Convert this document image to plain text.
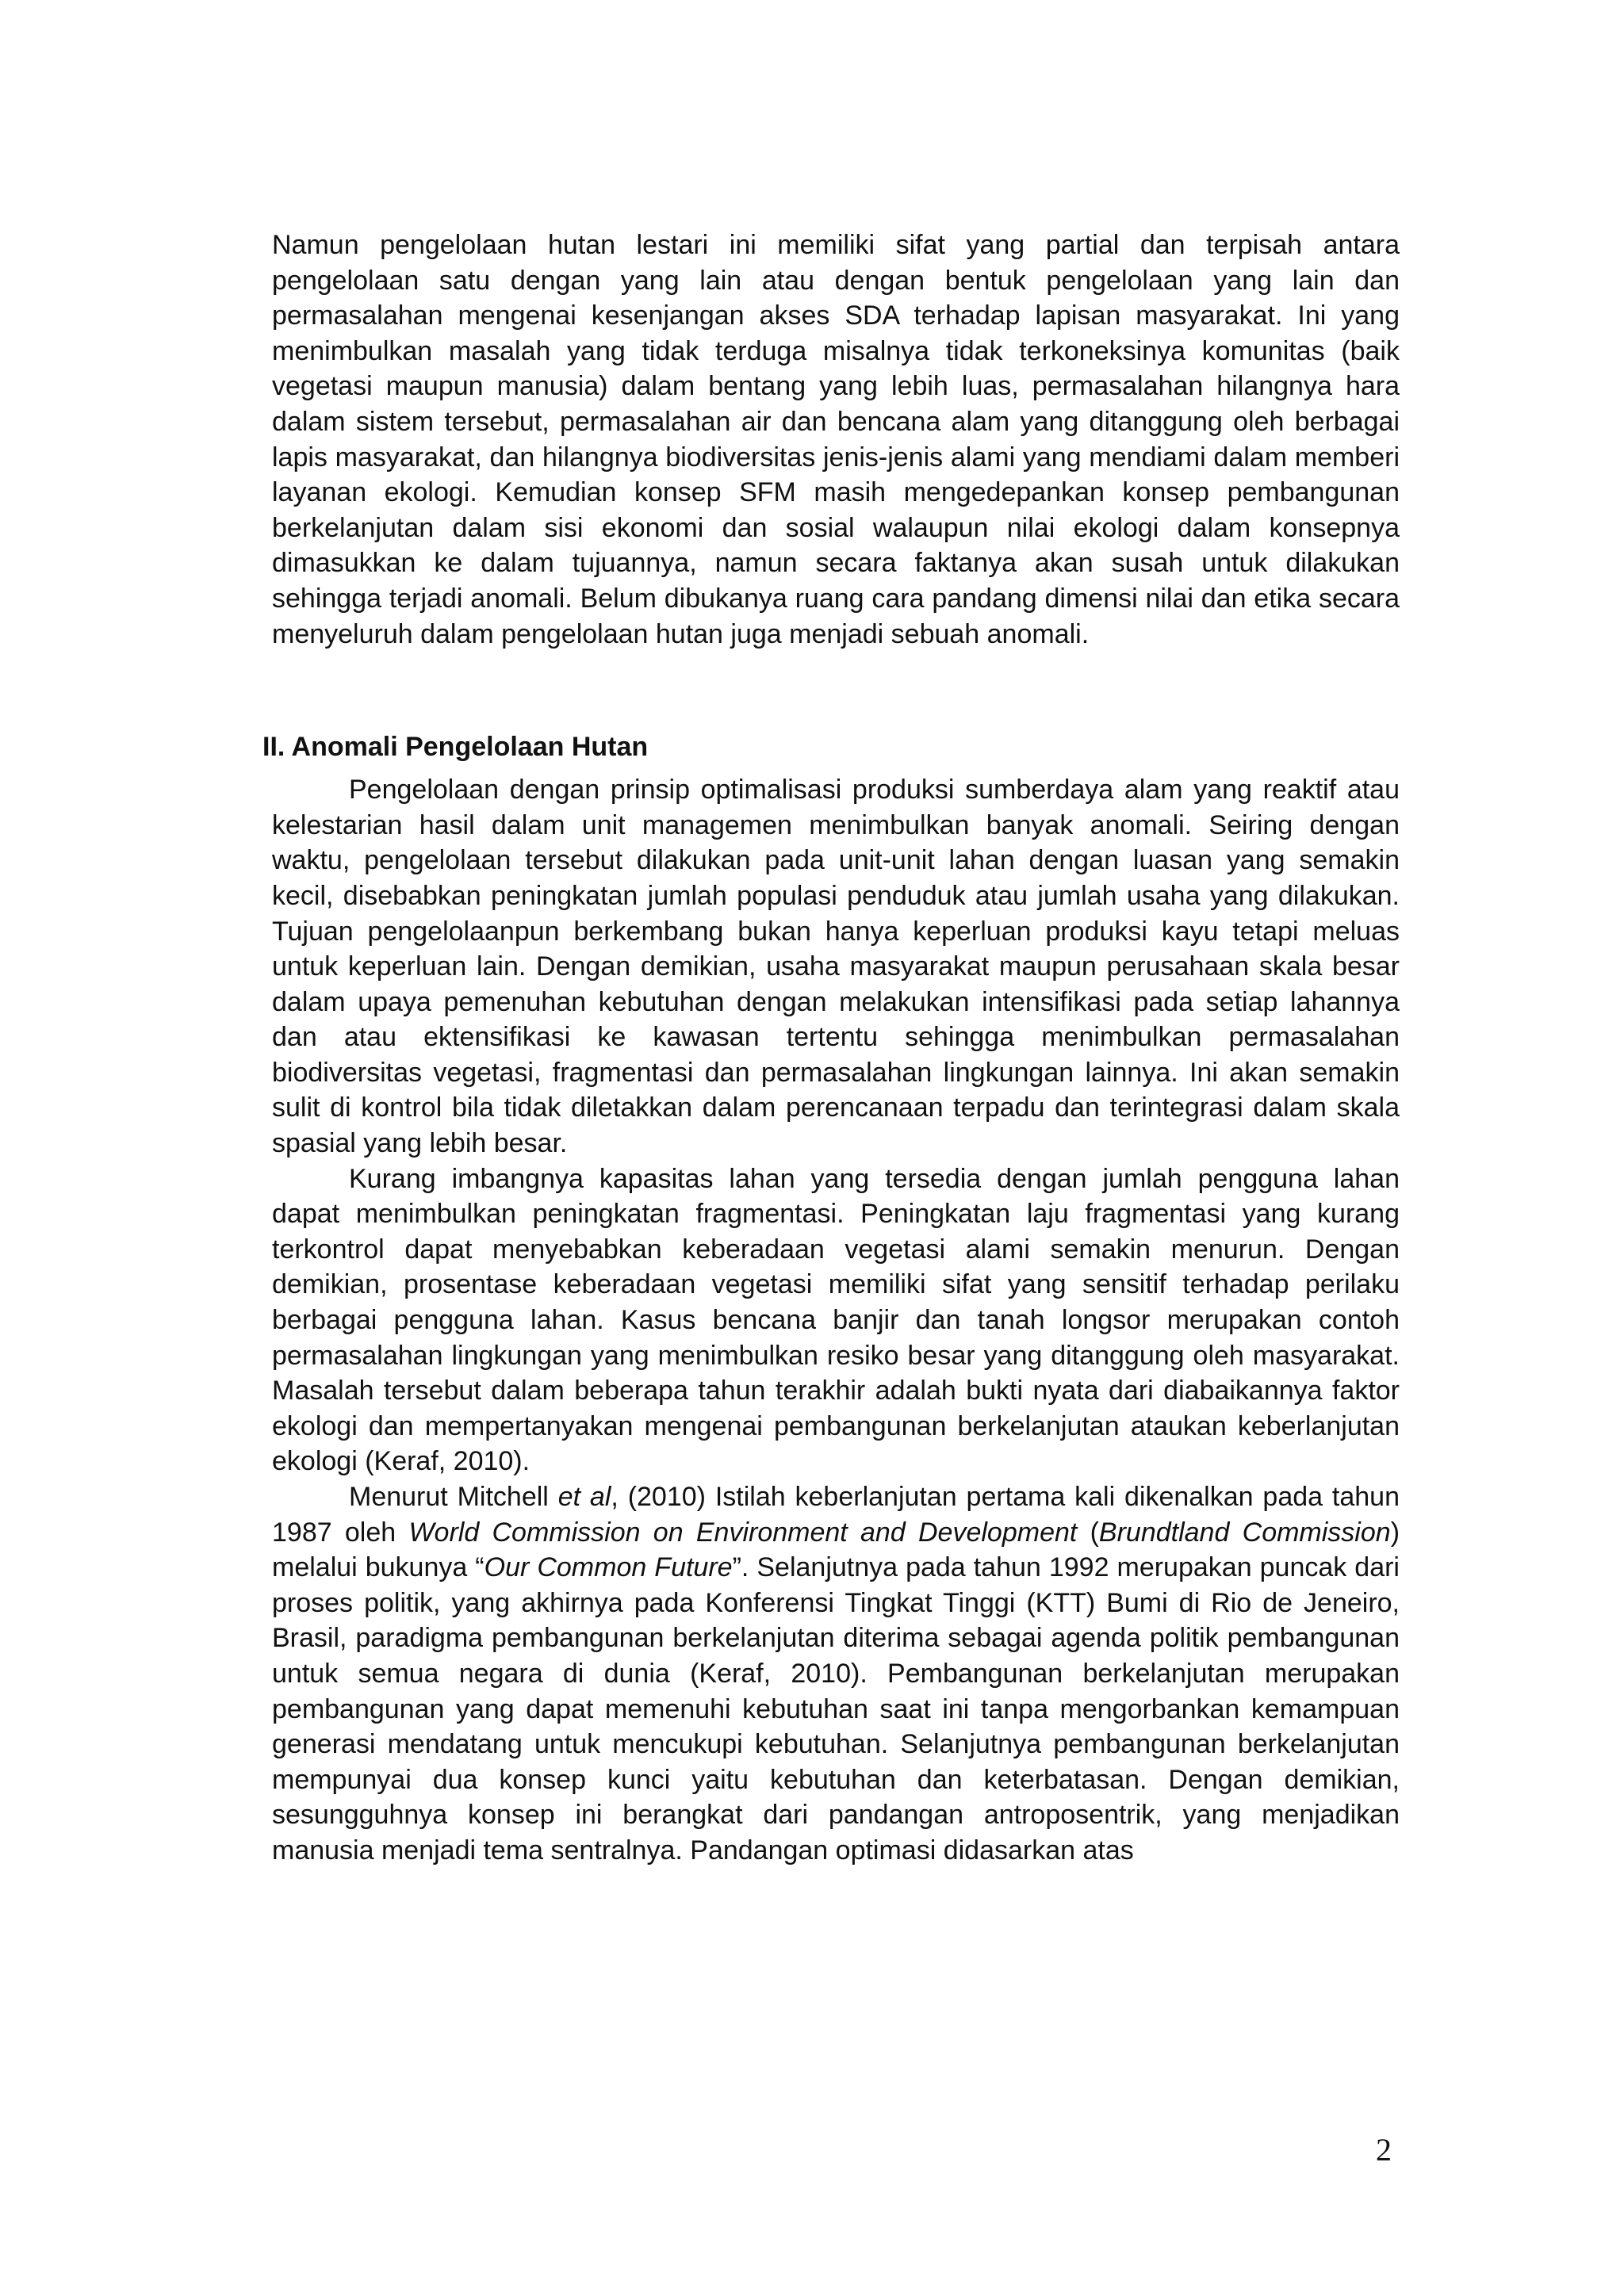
Namun pengelolaan hutan lestari ini memiliki sifat yang partial dan terpisah antara pengelolaan satu dengan yang lain atau dengan bentuk pengelolaan yang lain dan permasalahan mengenai kesenjangan akses SDA terhadap lapisan masyarakat. Ini yang menimbulkan masalah yang tidak terduga misalnya tidak terkoneksinya komunitas (baik vegetasi maupun manusia) dalam bentang yang lebih luas, permasalahan hilangnya hara dalam sistem tersebut, permasalahan air dan bencana alam yang ditanggung oleh berbagai lapis masyarakat, dan hilangnya biodiversitas jenis-jenis alami yang mendiami dalam memberi layanan ekologi. Kemudian konsep SFM masih mengedepankan konsep pembangunan berkelanjutan dalam sisi ekonomi dan sosial walaupun nilai ekologi dalam konsepnya dimasukkan ke dalam tujuannya, namun secara faktanya akan susah untuk dilakukan sehingga terjadi anomali. Belum dibukanya ruang cara pandang dimensi nilai dan etika secara menyeluruh dalam pengelolaan hutan juga menjadi sebuah anomali.

II. Anomali Pengelolaan Hutan

Pengelolaan dengan prinsip optimalisasi produksi sumberdaya alam yang reaktif atau kelestarian hasil dalam unit managemen menimbulkan banyak anomali. Seiring dengan waktu, pengelolaan tersebut dilakukan pada unit-unit lahan dengan luasan yang semakin kecil, disebabkan peningkatan jumlah populasi penduduk atau jumlah usaha yang dilakukan. Tujuan pengelolaanpun berkembang bukan hanya keperluan produksi kayu tetapi meluas untuk keperluan lain. Dengan demikian, usaha masyarakat maupun perusahaan skala besar dalam upaya pemenuhan kebutuhan dengan melakukan intensifikasi pada setiap lahannya dan atau ektensifikasi ke kawasan tertentu sehingga menimbulkan permasalahan biodiversitas vegetasi, fragmentasi dan permasalahan lingkungan lainnya. Ini akan semakin sulit di kontrol bila tidak diletakkan dalam perencanaan terpadu dan terintegrasi dalam skala spasial yang lebih besar.

Kurang imbangnya kapasitas lahan yang tersedia dengan jumlah pengguna lahan dapat menimbulkan peningkatan fragmentasi. Peningkatan laju fragmentasi yang kurang terkontrol dapat menyebabkan keberadaan vegetasi alami semakin menurun. Dengan demikian, prosentase keberadaan vegetasi memiliki sifat yang sensitif terhadap perilaku berbagai pengguna lahan. Kasus bencana banjir dan tanah longsor merupakan contoh permasalahan lingkungan yang menimbulkan resiko besar yang ditanggung oleh masyarakat. Masalah tersebut dalam beberapa tahun terakhir adalah bukti nyata dari diabaikannya faktor ekologi dan mempertanyakan mengenai pembangunan berkelanjutan ataukan keberlanjutan ekologi (Keraf, 2010).

Menurut Mitchell et al, (2010) Istilah keberlanjutan pertama kali dikenalkan pada tahun 1987 oleh World Commission on Environment and Development (Brundtland Commission) melalui bukunya “Our Common Future”. Selanjutnya pada tahun 1992 merupakan puncak dari proses politik, yang akhirnya pada Konferensi Tingkat Tinggi (KTT) Bumi di Rio de Jeneiro, Brasil, paradigma pembangunan berkelanjutan diterima sebagai agenda politik pembangunan untuk semua negara di dunia (Keraf, 2010). Pembangunan berkelanjutan merupakan pembangunan yang dapat memenuhi kebutuhan saat ini tanpa mengorbankan kemampuan generasi mendatang untuk mencukupi kebutuhan. Selanjutnya pembangunan berkelanjutan mempunyai dua konsep kunci yaitu kebutuhan dan keterbatasan. Dengan demikian, sesungguhnya konsep ini berangkat dari pandangan antroposentrik, yang menjadikan manusia menjadi tema sentralnya. Pandangan optimasi didasarkan atas

2
